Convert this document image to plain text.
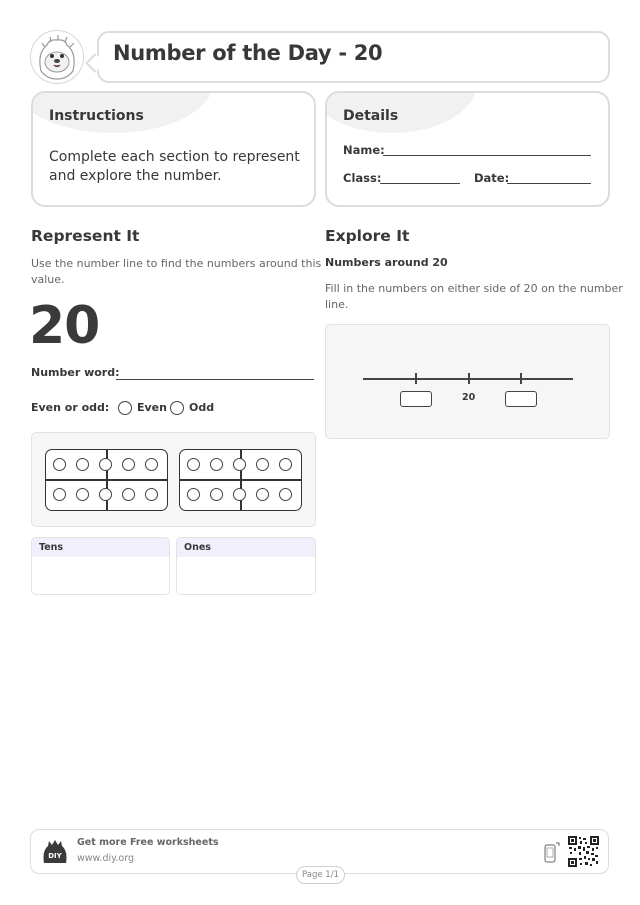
Number of the Day - 20
Instructions
Complete each section to represent
and explore the number.
Details
Name:
Class:	Date:
Represent It
Use the number line to find the numbers around this
value.
20
Number word:
Even or odd:	Even Odd
Tens	Ones
Explore It
Numbers around 20
Fill in the numbers on either side of 20 on the number
line.
20
DIY
Get more Free worksheets
www.diy.org
Page 1/1
